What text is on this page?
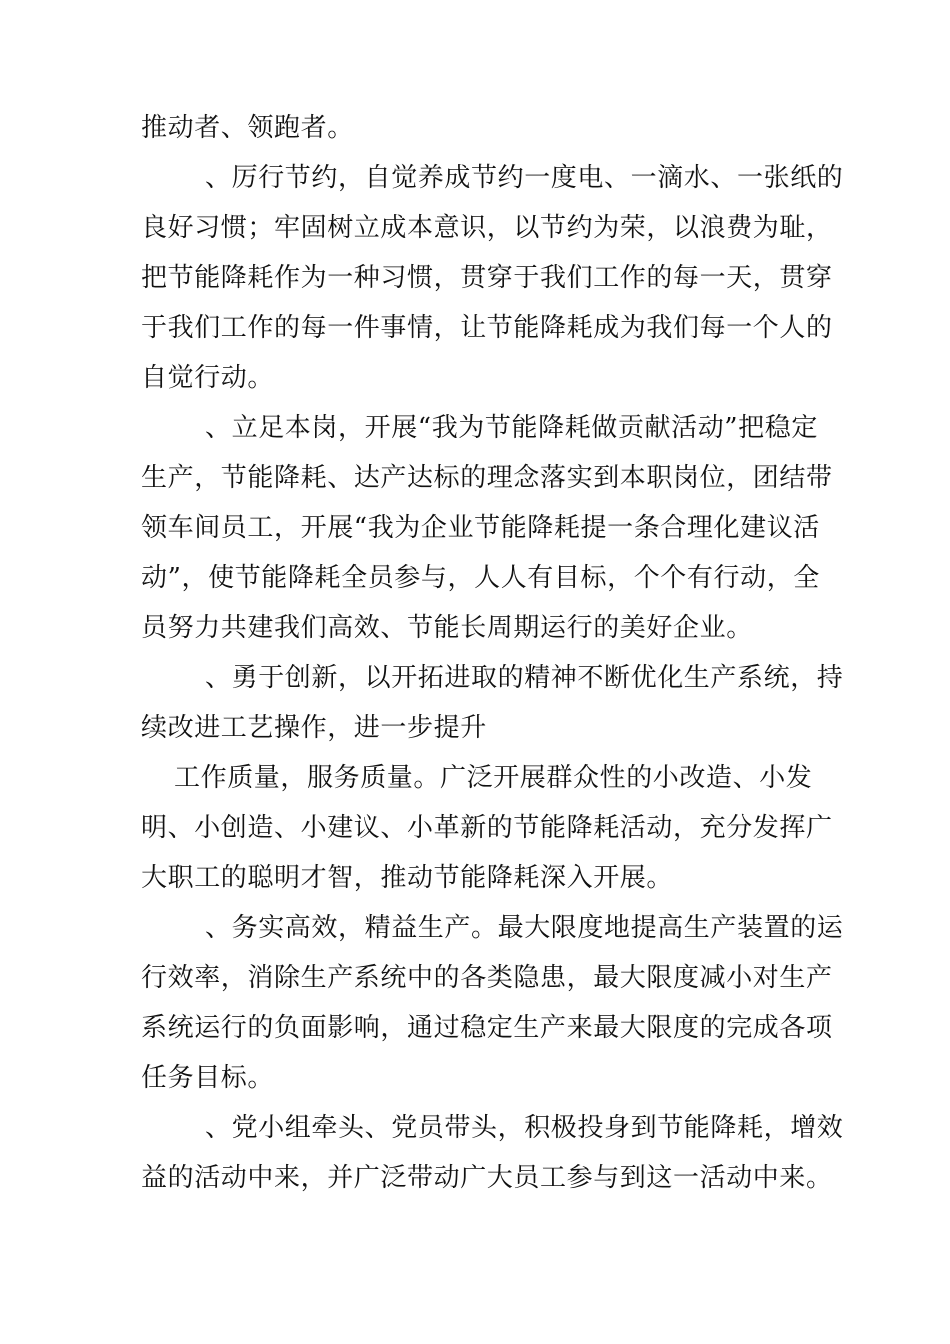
推动者、领跑者。

、厉行节约，自觉养成节约一度电、一滴水、一张纸的

良好习惯；牢固树立成本意识，以节约为荣，以浪费为耻，

把节能降耗作为一种习惯，贯穿于我们工作的每一天，贯穿

于我们工作的每一件事情，让节能降耗成为我们每一个人的

自觉行动。

、立足本岗，开展“我为节能降耗做贡献活动”把稳定

生产，节能降耗、达产达标的理念落实到本职岗位，团结带

领车间员工，开展“我为企业节能降耗提一条合理化建议活

动”，使节能降耗全员参与，人人有目标，个个有行动，全

员努力共建我们高效、节能长周期运行的美好企业。

、勇于创新，以开拓进取的精神不断优化生产系统，持

续改进工艺操作，进一步提升

工作质量，服务质量。广泛开展群众性的小改造、小发

明、小创造、小建议、小革新的节能降耗活动，充分发挥广

大职工的聪明才智，推动节能降耗深入开展。

、务实高效，精益生产。最大限度地提高生产装置的运

行效率，消除生产系统中的各类隐患，最大限度减小对生产

系统运行的负面影响，通过稳定生产来最大限度的完成各项

任务目标。

、党小组牵头、党员带头，积极投身到节能降耗，增效

益的活动中来，并广泛带动广大员工参与到这一活动中来。
